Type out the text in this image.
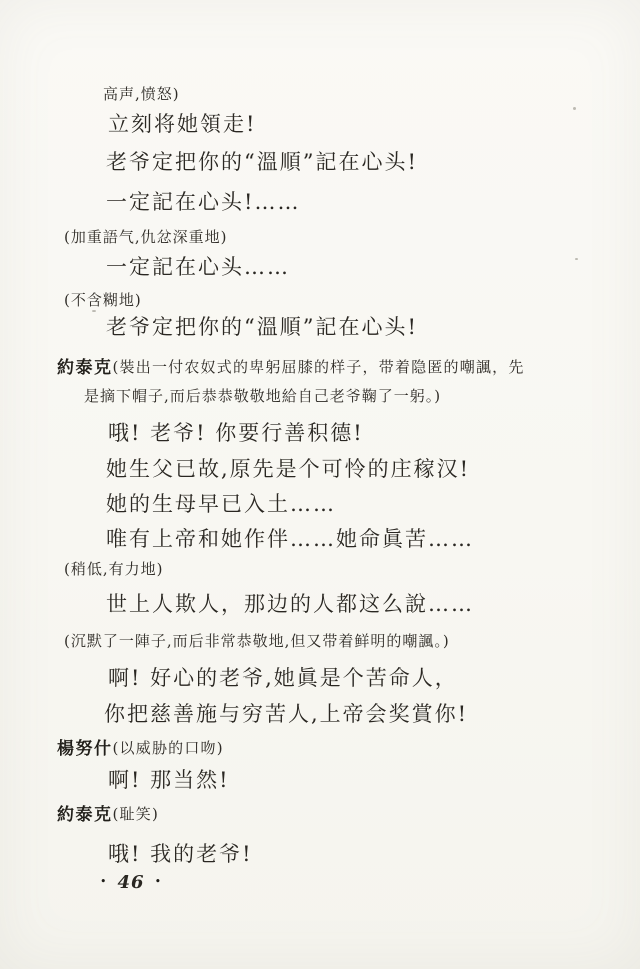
高声,愤怒)
立刻将她領走!
老爷定把你的“溫順”記在心头!
一定記在心头!……
(加重語气,仇忿深重地)
一定記在心头……
(不含糊地)
老爷定把你的“溫順”記在心头!
約泰克(裝出一付农奴式的卑躬屈膝的样子，带着隐匿的嘲諷，先
是摘下帽子,而后恭恭敬敬地給自己老爷鞠了一躬。)
哦! 老爷! 你要行善积德!
她生父已故,原先是个可怜的庄稼汉!
她的生母早已入土……
唯有上帝和她作伴……她命眞苦……
(稍低,有力地)
世上人欺人，那边的人都这么說……
(沉默了一陣子,而后非常恭敬地,但又带着鲜明的嘲諷。)
啊! 好心的老爷,她眞是个苦命人，
你把慈善施与穷苦人,上帝会奖賞你!
楊努什(以威胁的口吻)
啊! 那当然!
約泰克(耻笑)
哦! 我的老爷!
• 46 •
